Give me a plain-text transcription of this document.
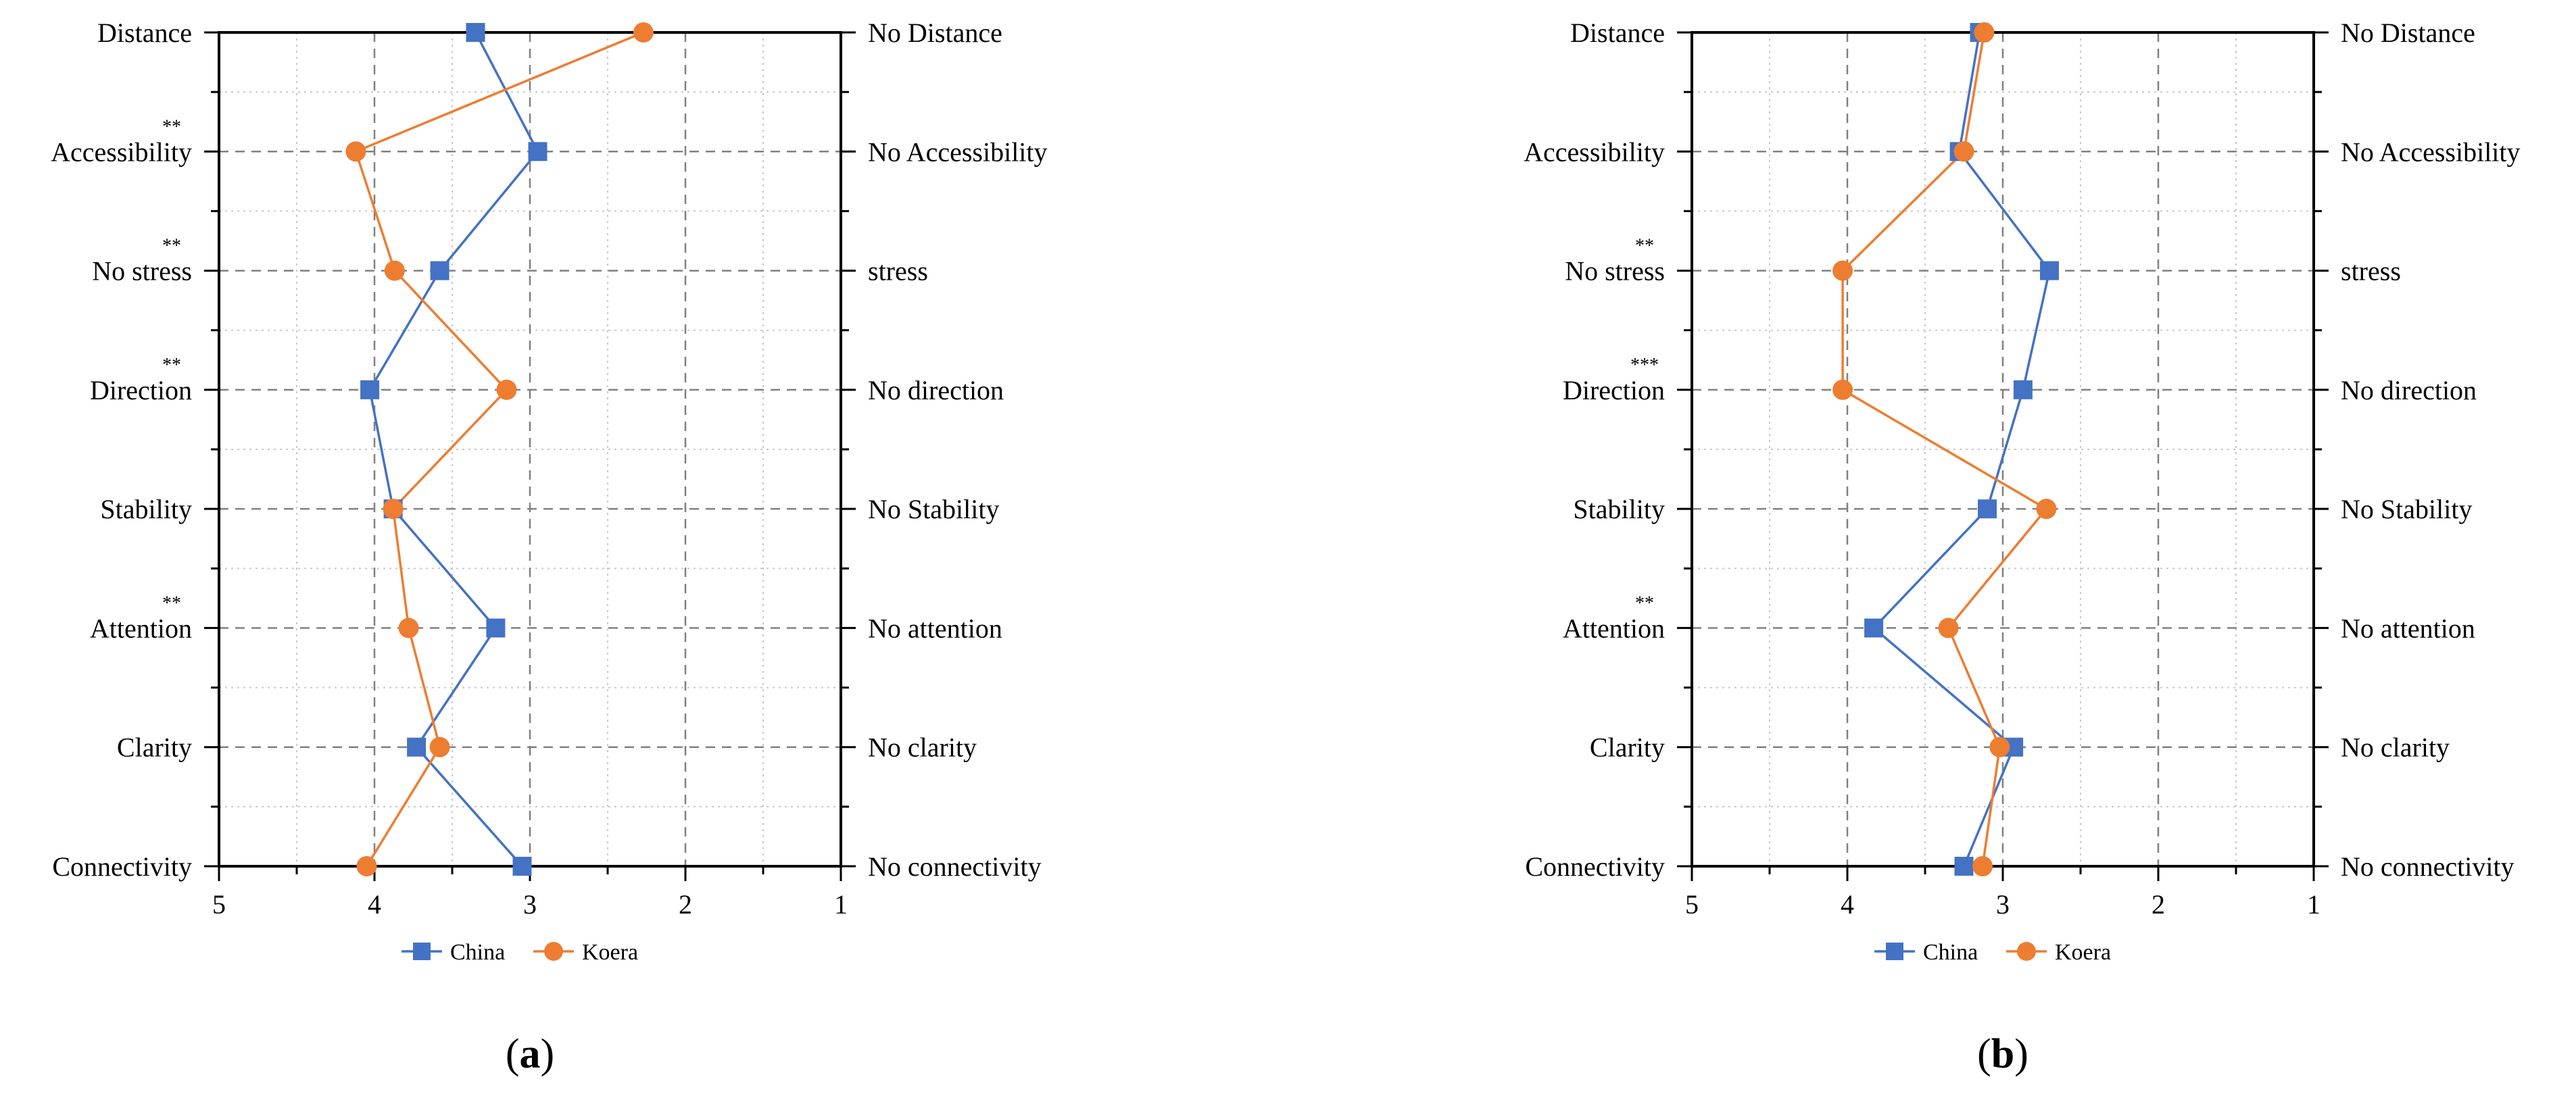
5	4	3	2	1
Distance
Accessibility
**
No stress
**
Direction
**
Stability
Attention
**
Clarity
Connectivity
No Distance
No Accessibility
stress
No direction
No Stability
No attention
No clarity
No connectivity
China	Koera
(a)
5	4	3	2	1
Distance
Accessibility
No stress
**
Direction
***
Stability
Attention
**
Clarity
Connectivity
No Distance
No Accessibility
stress
No direction
No Stability
No attention
No clarity
No connectivity
China	Koera
(b)
